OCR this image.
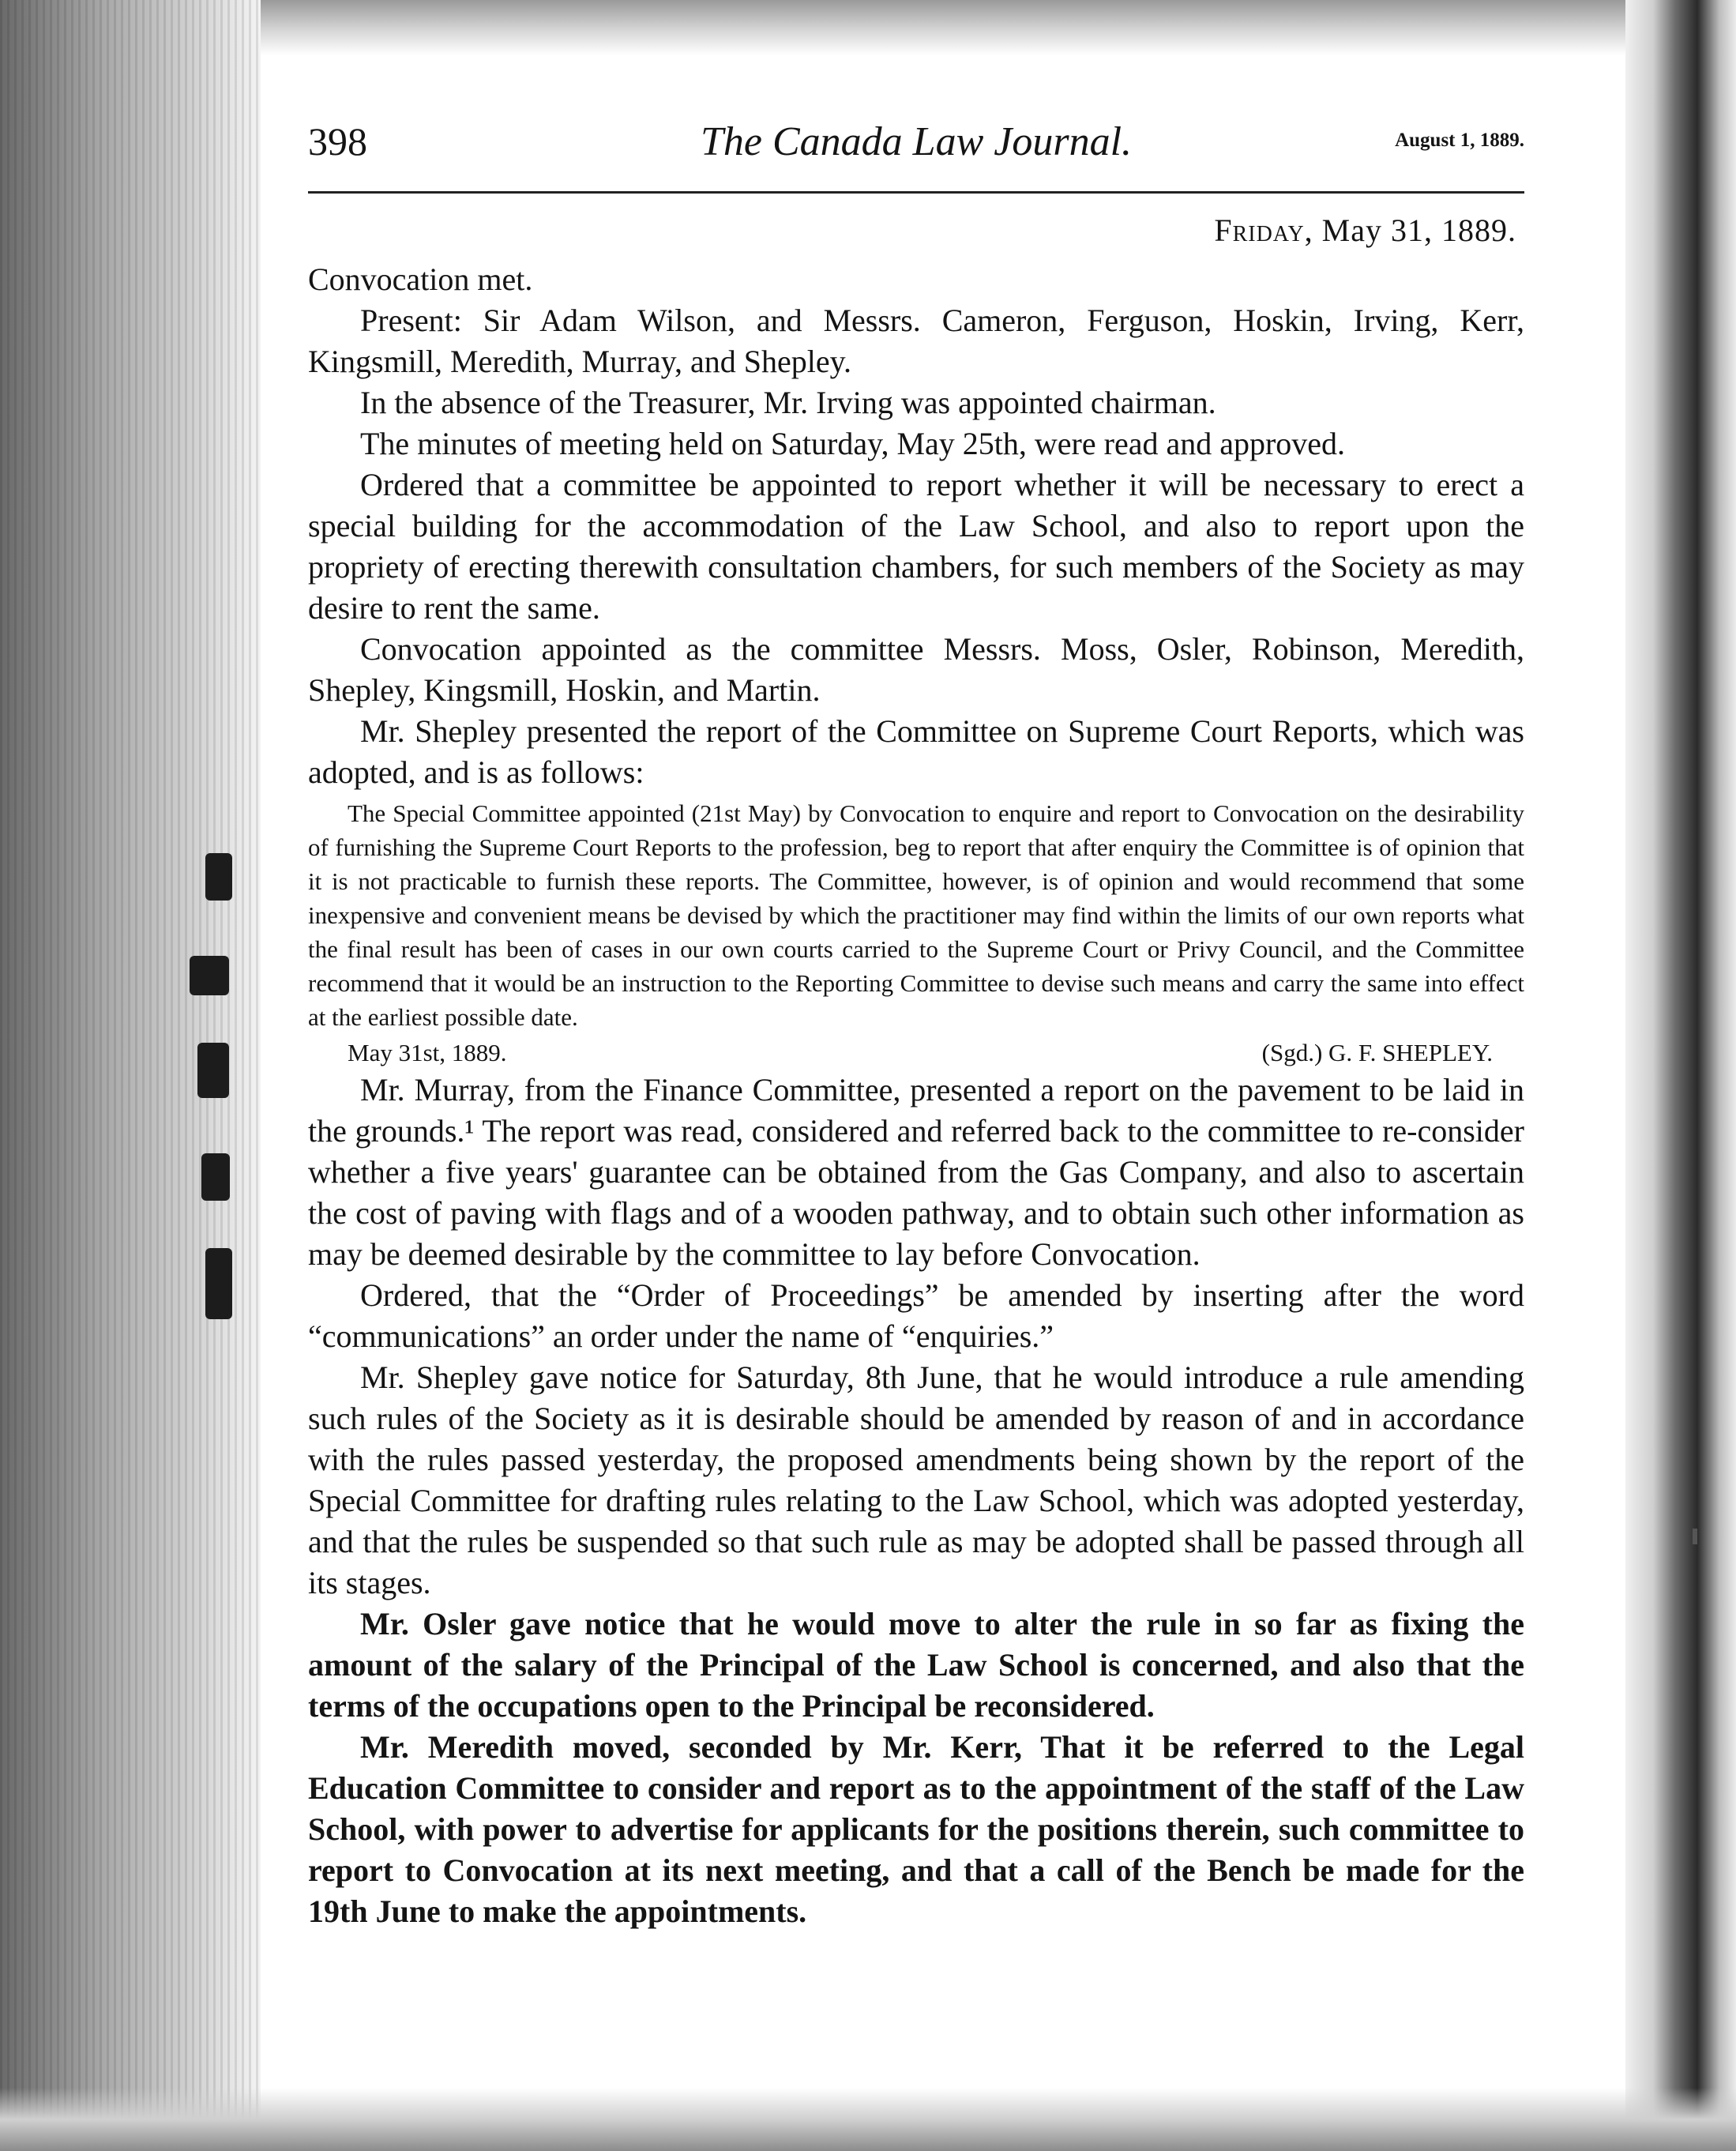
398	The Canada Law Journal.	August 1, 1889.
Friday, May 31, 1889.

Convocation met.

Present: Sir Adam Wilson, and Messrs. Cameron, Ferguson, Hoskin, Irving, Kerr, Kingsmill, Meredith, Murray, and Shepley.

In the absence of the Treasurer, Mr. Irving was appointed chairman.

The minutes of meeting held on Saturday, May 25th, were read and approved.

Ordered that a committee be appointed to report whether it will be necessary to erect a special building for the accommodation of the Law School, and also to report upon the propriety of erecting therewith consultation chambers, for such members of the Society as may desire to rent the same.

Convocation appointed as the committee Messrs. Moss, Osler, Robinson, Meredith, Shepley, Kingsmill, Hoskin, and Martin.

Mr. Shepley presented the report of the Committee on Supreme Court Reports, which was adopted, and is as follows:

The Special Committee appointed (21st May) by Convocation to enquire and report to Convocation on the desirability of furnishing the Supreme Court Reports to the profession, beg to report that after enquiry the Committee is of opinion that it is not practicable to furnish these reports. The Committee, however, is of opinion and would recommend that some inexpensive and convenient means be devised by which the practitioner may find within the limits of our own reports what the final result has been of cases in our own courts carried to the Supreme Court or Privy Council, and the Committee recommend that it would be an instruction to the Reporting Committee to devise such means and carry the same into effect at the earliest possible date.

May 31st, 1889.	(Sgd.) G. F. SHEPLEY.

Mr. Murray, from the Finance Committee, presented a report on the pavement to be laid in the grounds.¹ The report was read, considered and referred back to the committee to re-consider whether a five years' guarantee can be obtained from the Gas Company, and also to ascertain the cost of paving with flags and of a wooden pathway, and to obtain such other information as may be deemed desirable by the committee to lay before Convocation.

Ordered, that the “Order of Proceedings” be amended by inserting after the word “communications” an order under the name of “enquiries.”

Mr. Shepley gave notice for Saturday, 8th June, that he would introduce a rule amending such rules of the Society as it is desirable should be amended by reason of and in accordance with the rules passed yesterday, the proposed amendments being shown by the report of the Special Committee for drafting rules relating to the Law School, which was adopted yesterday, and that the rules be suspended so that such rule as may be adopted shall be passed through all its stages.

Mr. Osler gave notice that he would move to alter the rule in so far as fixing the amount of the salary of the Principal of the Law School is concerned, and also that the terms of the occupations open to the Principal be reconsidered.

Mr. Meredith moved, seconded by Mr. Kerr, That it be referred to the Legal Education Committee to consider and report as to the appointment of the staff of the Law School, with power to advertise for applicants for the positions therein, such committee to report to Convocation at its next meeting, and that a call of the Bench be made for the 19th June to make the appointments.
